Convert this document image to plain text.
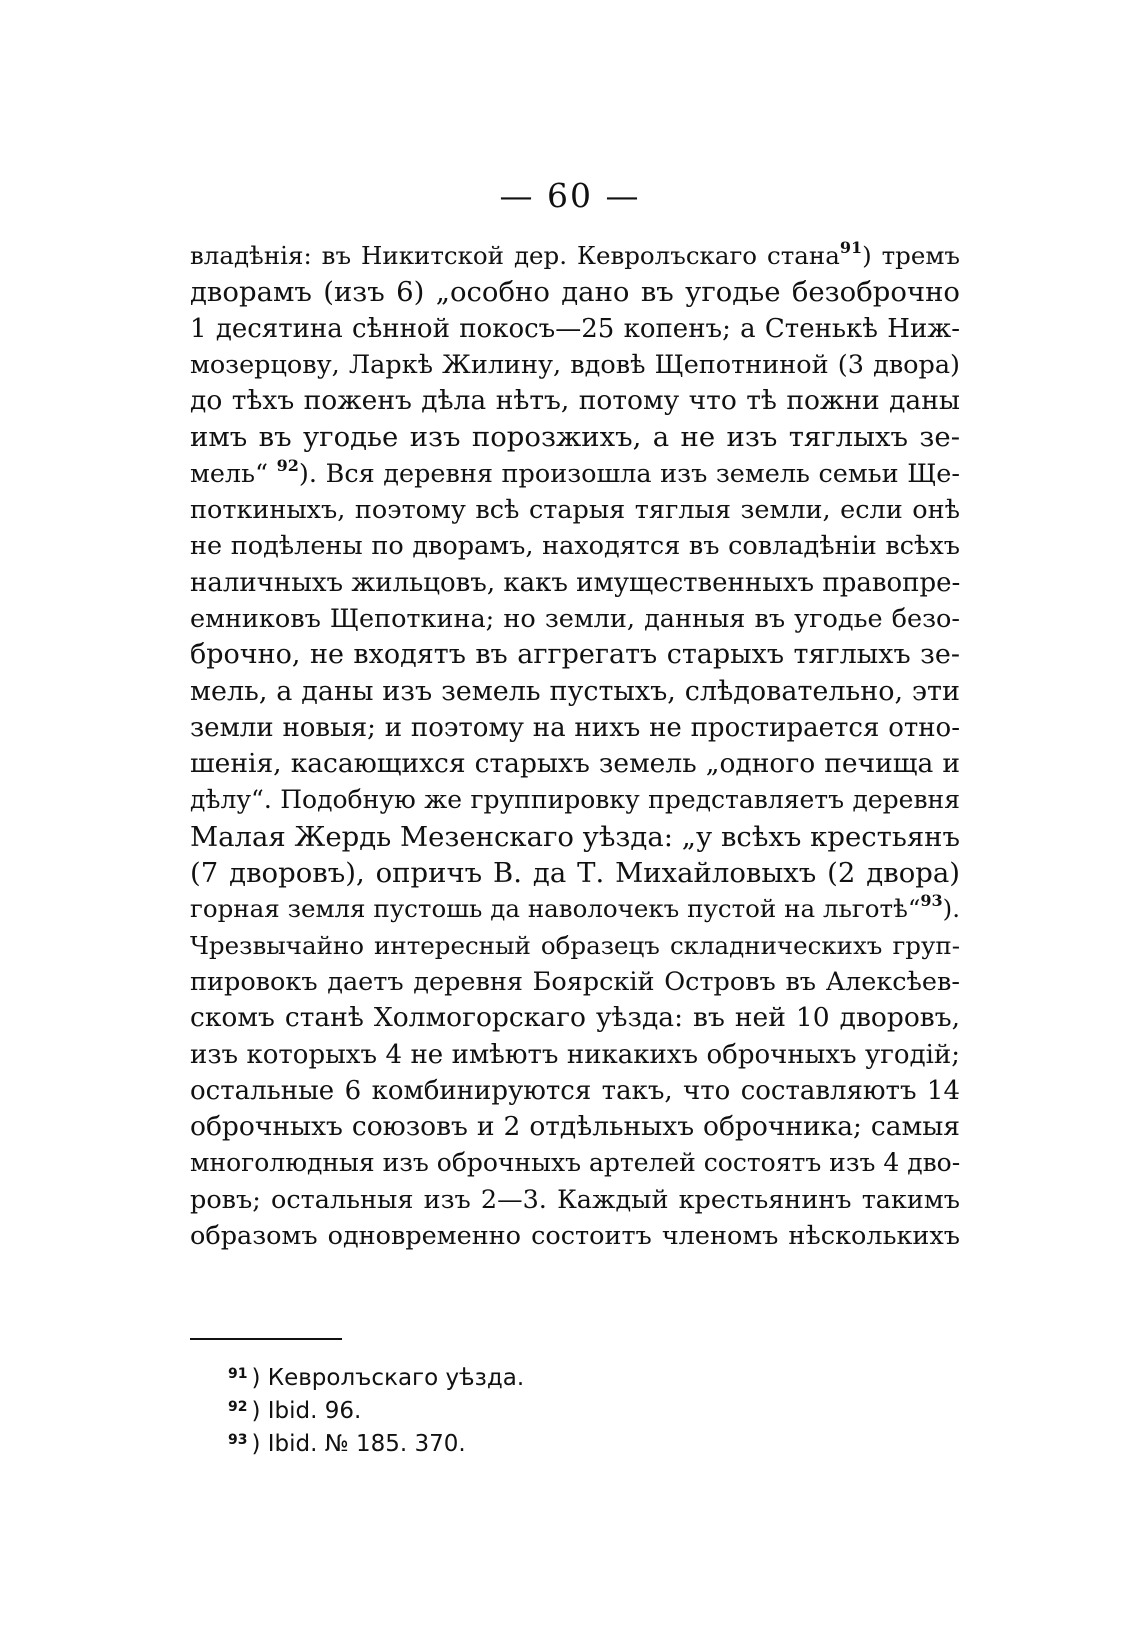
— 60 —
владѣнія: въ Никитской дер. Кевролъскаго стана$^{91}$) тремъ
дворамъ (изъ 6) „особно дано въ угодье безоброчно
1 десятина сѣнной покосъ—25 копенъ; а Стенькѣ Ниж-
мозерцову, Ларкѣ Жилину, вдовѣ Щепотниной (3 двора)
до тѣхъ поженъ дѣла нѣтъ, потому что тѣ пожни даны
имъ въ угодье изъ порозжихъ, а не изъ тяглыхъ зе-
мель“ $^{92}$). Вся деревня произошла изъ земель семьи Ще-
поткиныхъ, поэтому всѣ старыя тяглыя земли, если онѣ
не подѣлены по дворамъ, находятся въ совладѣніи всѣхъ
наличныхъ жильцовъ, какъ имущественныхъ правопре-
емниковъ Щепоткина; но земли, данныя въ угодье безо-
брочно, не входятъ въ аггрегатъ старыхъ тяглыхъ зе-
мель, а даны изъ земель пустыхъ, слѣдовательно, эти
земли новыя; и поэтому на нихъ не простирается отно-
шенія, касающихся старыхъ земель „одного печища и
дѣлу“. Подобную же группировку представляетъ деревня
Малая Жердь Мезенскаго уѣзда: „у всѣхъ крестьянъ
(7 дворовъ), опричъ В. да Т. Михайловыхъ (2 двора)
горная земля пустошь да наволочекъ пустой на льготѣ“$^{93}$).
Чрезвычайно интересный образецъ складническихъ груп-
пировокъ даетъ деревня Боярскій Островъ въ Алексѣев-
скомъ станѣ Холмогорскаго уѣзда: въ ней 10 дворовъ,
изъ которыхъ 4 не имѣютъ никакихъ оброчныхъ угодій;
остальные 6 комбинируются такъ, что составляютъ 14
оброчныхъ союзовъ и 2 отдѣльныхъ оброчника; самыя
многолюдныя изъ оброчныхъ артелей состоятъ изъ 4 дво-
ровъ; остальныя изъ 2—3. Каждый крестьянинъ такимъ
образомъ одновременно состоитъ членомъ нѣсколькихъ
$^{91}$ ) Кевролъскаго уѣзда.
$^{92}$ ) Ibid. 96.
$^{93}$ ) Ibid. № 185. 370.
